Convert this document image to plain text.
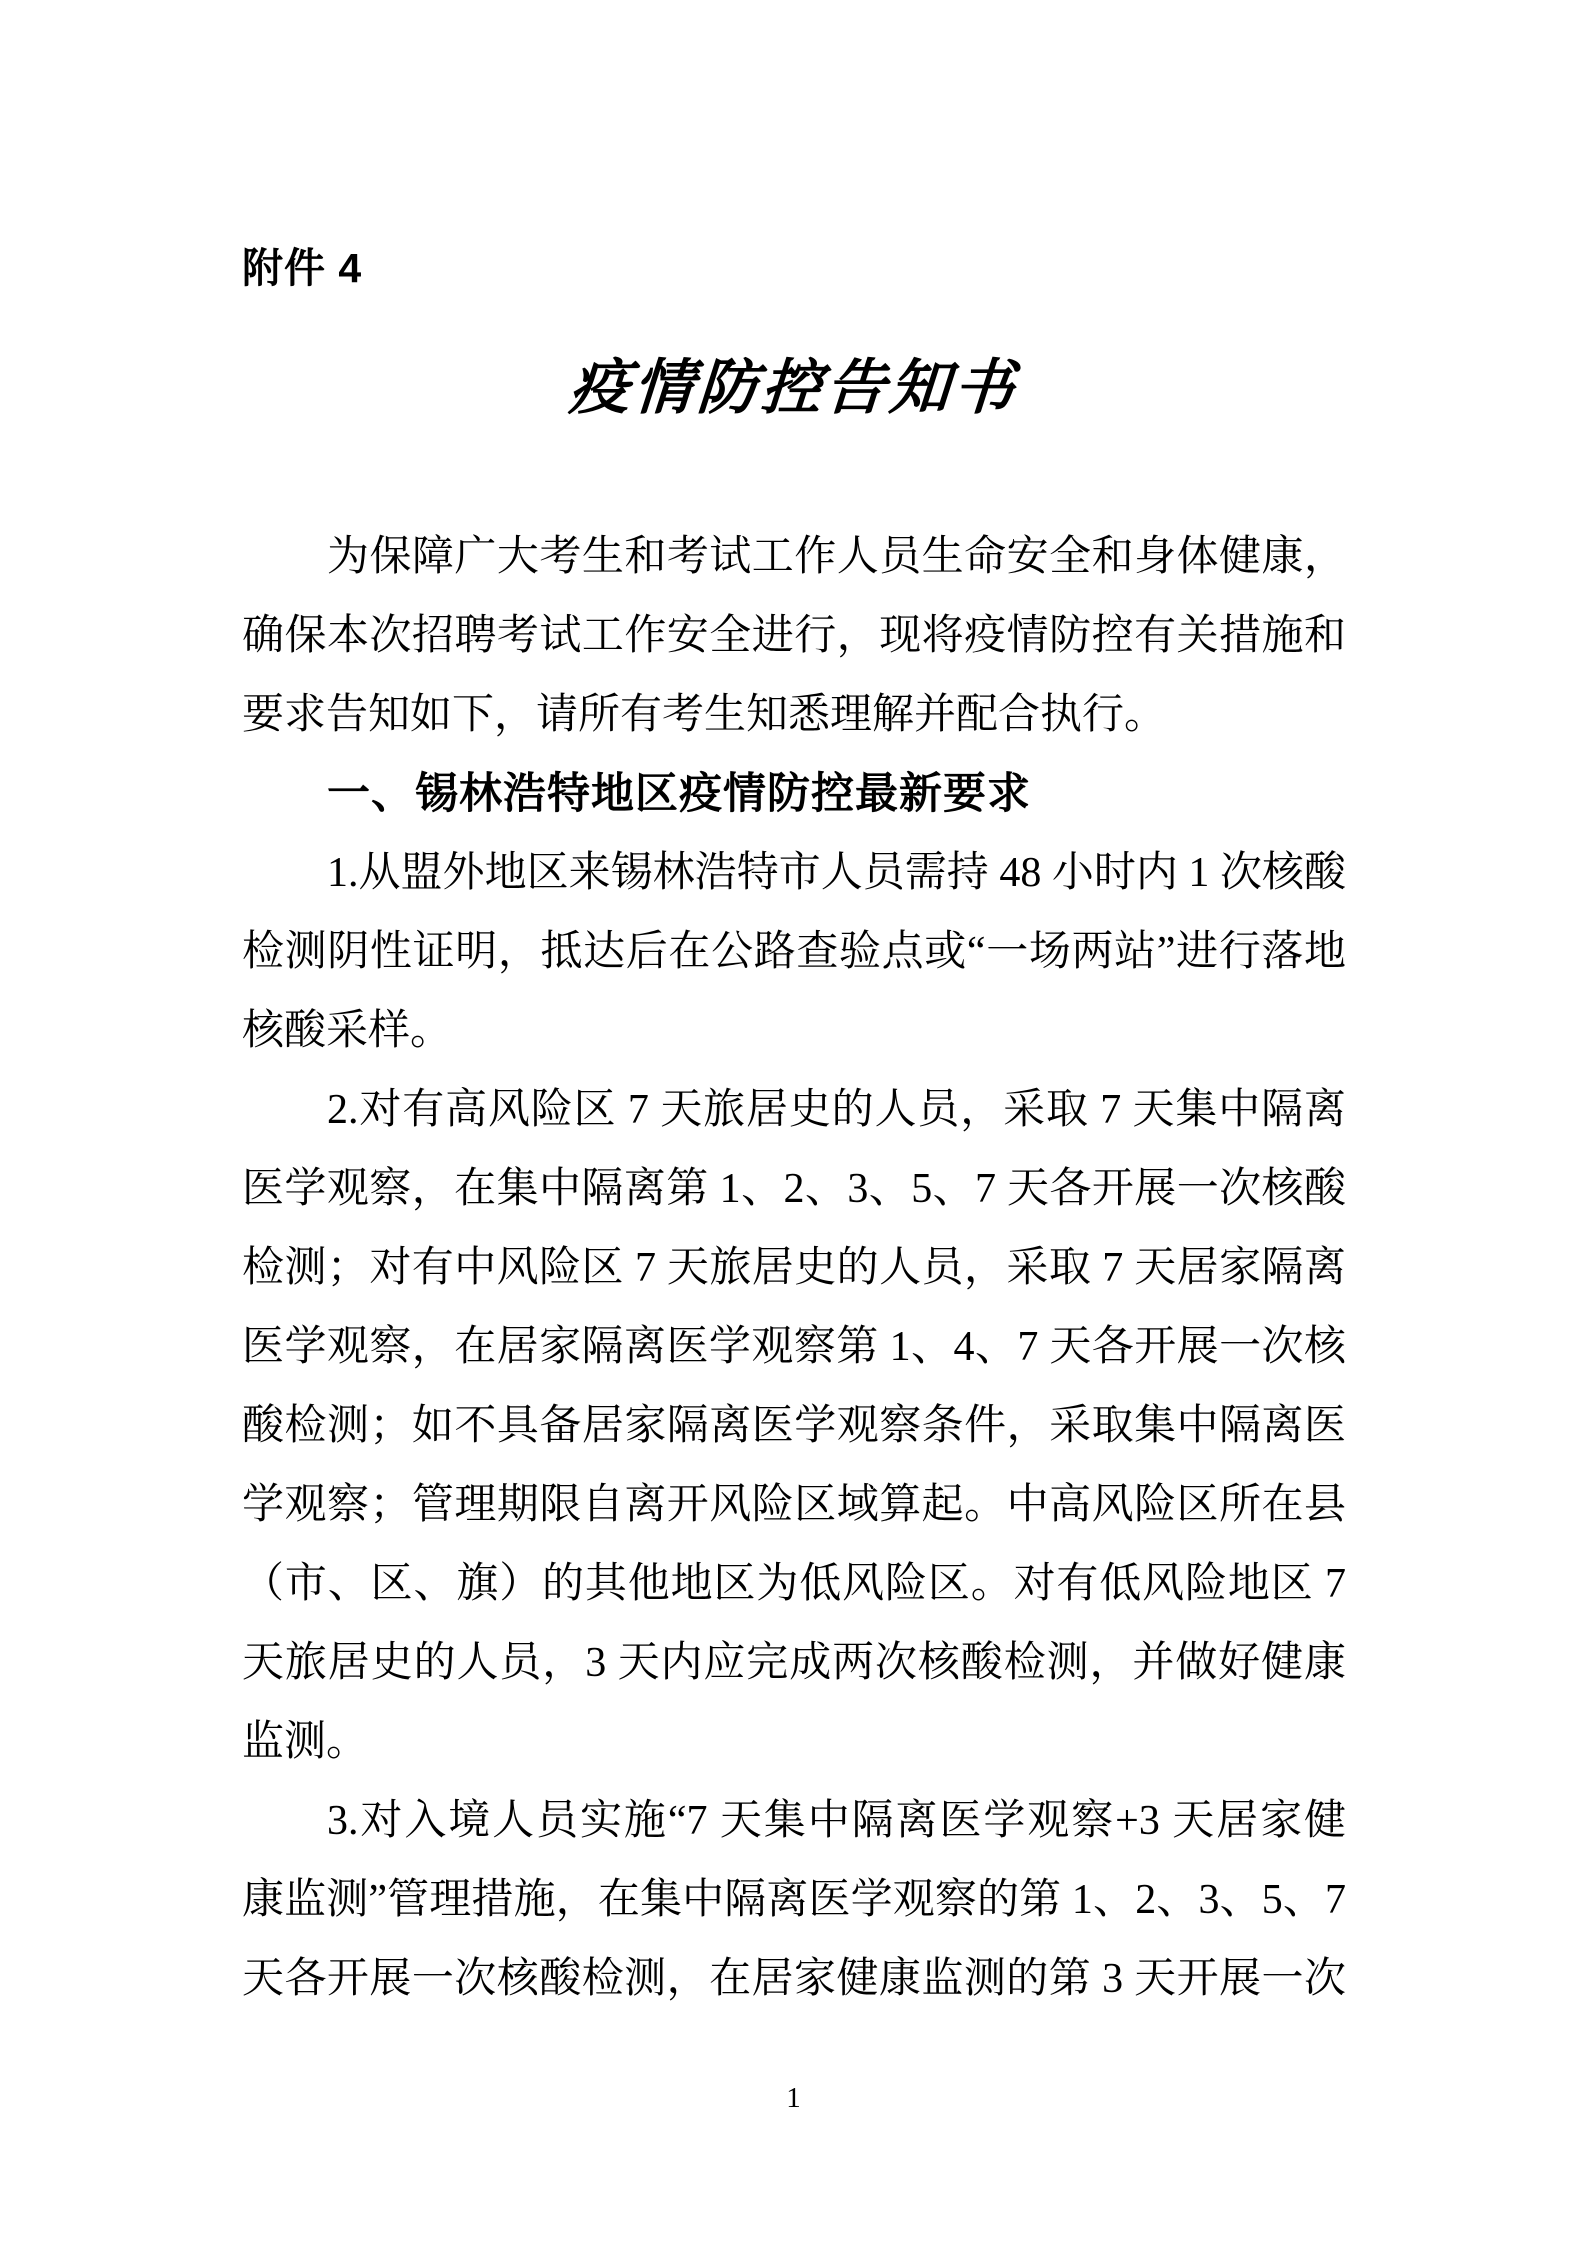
附件 4
疫情防控告知书
为保障广大考生和考试工作人员生命安全和身体健康，
确保本次招聘考试工作安全进行，现将疫情防控有关措施和
要求告知如下，请所有考生知悉理解并配合执行。
一、锡林浩特地区疫情防控最新要求
1.从盟外地区来锡林浩特市人员需持 48 小时内 1 次核酸
检测阴性证明，抵达后在公路查验点或“一场两站”进行落地
核酸采样。
2.对有高风险区 7 天旅居史的人员，采取 7 天集中隔离
医学观察，在集中隔离第 1、2、3、5、7 天各开展一次核酸
检测；对有中风险区 7 天旅居史的人员，采取 7 天居家隔离
医学观察，在居家隔离医学观察第 1、4、7 天各开展一次核
酸检测；如不具备居家隔离医学观察条件，采取集中隔离医
学观察；管理期限自离开风险区域算起。中高风险区所在县
（市、区、旗）的其他地区为低风险区。对有低风险地区 7
天旅居史的人员，3 天内应完成两次核酸检测，并做好健康
监测。
3.对入境人员实施“7 天集中隔离医学观察+3 天居家健
康监测”管理措施，在集中隔离医学观察的第 1、2、3、5、7
天各开展一次核酸检测，在居家健康监测的第 3 天开展一次
1
